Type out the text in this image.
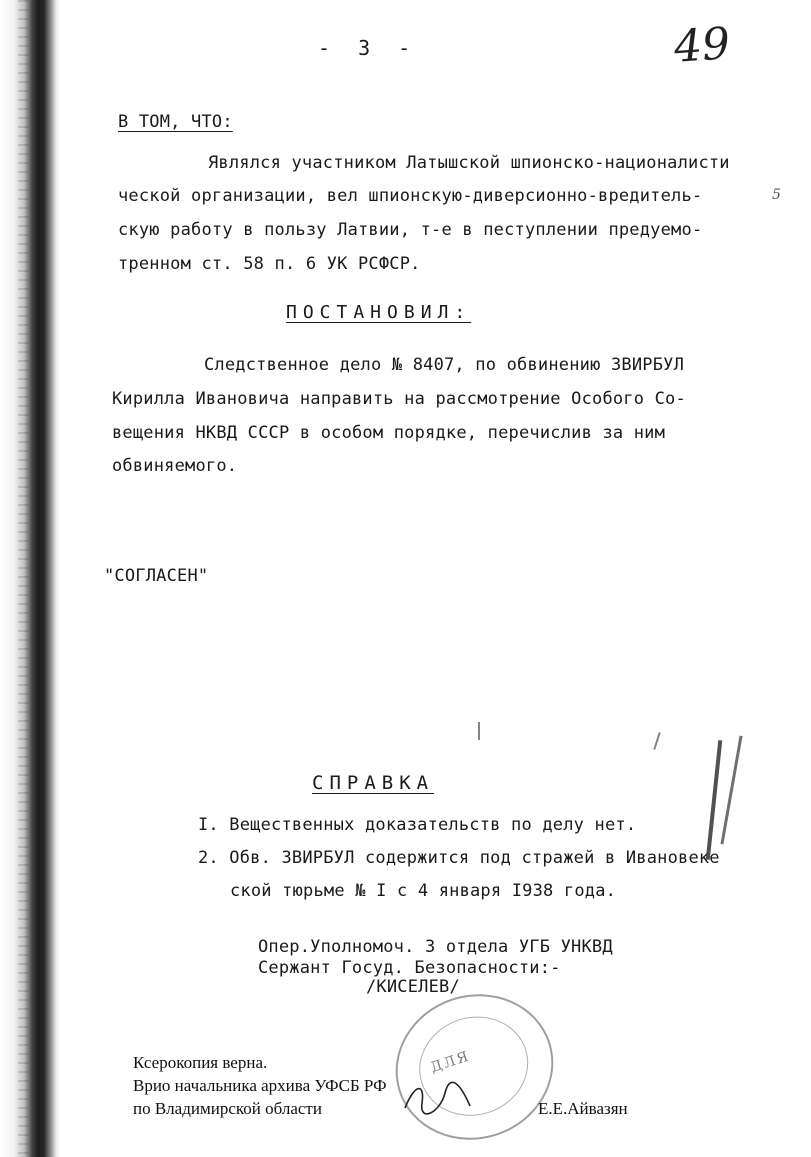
- 3 -	49
5
В ТОМ, ЧТО:
Являлся участником Латышской шпионско-националисти
ческой организации, вел шпионскую-диверсионно-вредитель-
скую работу в пользу Латвии, т-е в пеступлении предуемо-
тренном ст. 58 п. 6 УК РСФСР.
ПОСТАНОВИЛ:
Следственное дело № 8407, по обвинению ЗВИРБУЛ
Кирилла Ивановича направить на рассмотрение Особого Со-
вещения НКВД СССР в особом порядке, перечислив за ним
обвиняемого.
"СОГЛАСЕН"
СПРАВКА
I. Вещественных доказательств по делу нет.
2. Обв. ЗВИРБУЛ содержится под стражей в Ивановеке
ской тюрьме № I с 4 января I938 года.
Опер.Уполномоч. 3 отдела УГБ УНКВД
Сержант Госуд. Безопасности:-
/КИСЕЛЕВ/
ДЛЯ
Ксерокопия верна.
Врио начальника архива УФСБ РФ
по Владимирской области	Е.Е.Айвазян
